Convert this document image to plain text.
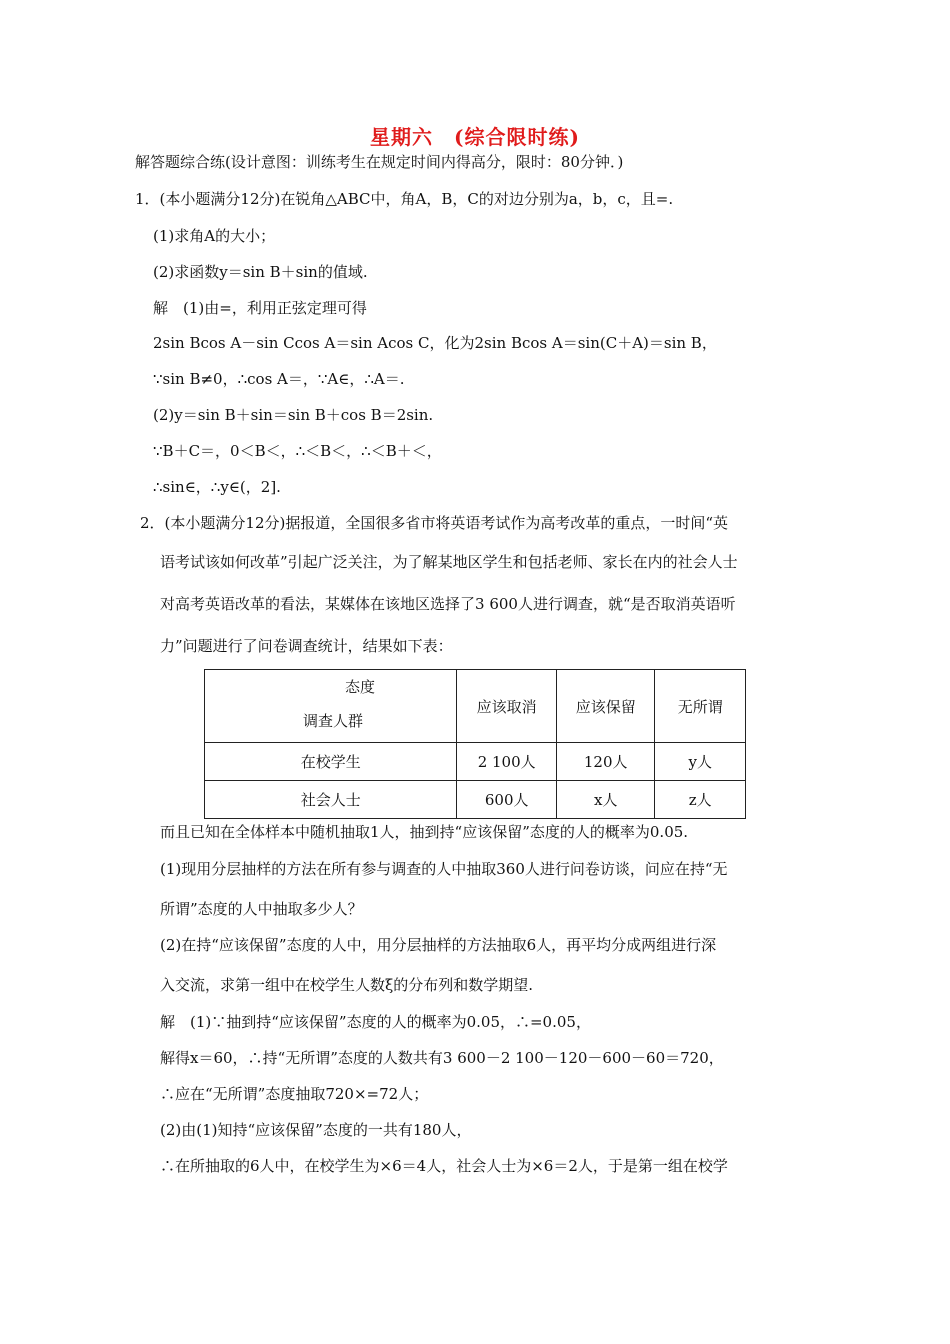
星期六　(综合限时练)
解答题综合练(设计意图：训练考生在规定时间内得高分，限时：80分钟．)
1．(本小题满分12分)在锐角△ABC中，角A，B，C的对边分别为a，b，c，且=.
(1)求角A的大小；
(2)求函数y＝sin B＋sin的值域.
解　(1)由=，利用正弦定理可得
2sin Bcos A－sin Ccos A＝sin Acos C，化为2sin Bcos A＝sin(C＋A)＝sin B，
∵sin B≠0，∴cos A＝，∵A∈，∴A＝.
(2)y＝sin B＋sin＝sin B＋cos B＝2sin.
∵B＋C＝，0＜B＜，∴＜B＜，∴＜B＋＜，
∴sin∈，∴y∈(，2].
2．(本小题满分12分)据报道，全国很多省市将英语考试作为高考改革的重点，一时间“英
语考试该如何改革”引起广泛关注，为了解某地区学生和包括老师、家长在内的社会人士
对高考英语改革的看法，某媒体在该地区选择了3 600人进行调查，就“是否取消英语听
力”问题进行了问卷调查统计，结果如下表：
态度
调查人群	应该取消	应该保留	无所谓
在校学生	2 100人	120人	y人
社会人士	600人	x人	z人
而且已知在全体样本中随机抽取1人，抽到持“应该保留”态度的人的概率为0.05.
(1)现用分层抽样的方法在所有参与调查的人中抽取360人进行问卷访谈，问应在持“无
所谓”态度的人中抽取多少人？
(2)在持“应该保留”态度的人中，用分层抽样的方法抽取6人，再平均分成两组进行深
入交流，求第一组中在校学生人数ξ的分布列和数学期望.
解　(1)∵抽到持“应该保留”态度的人的概率为0.05，∴=0.05，
解得x＝60，∴持“无所谓”态度的人数共有3 600－2 100－120－600－60＝720，
∴应在“无所谓”态度抽取720×=72人；
(2)由(1)知持“应该保留”态度的一共有180人，
∴在所抽取的6人中，在校学生为×6＝4人，社会人士为×6＝2人，于是第一组在校学
